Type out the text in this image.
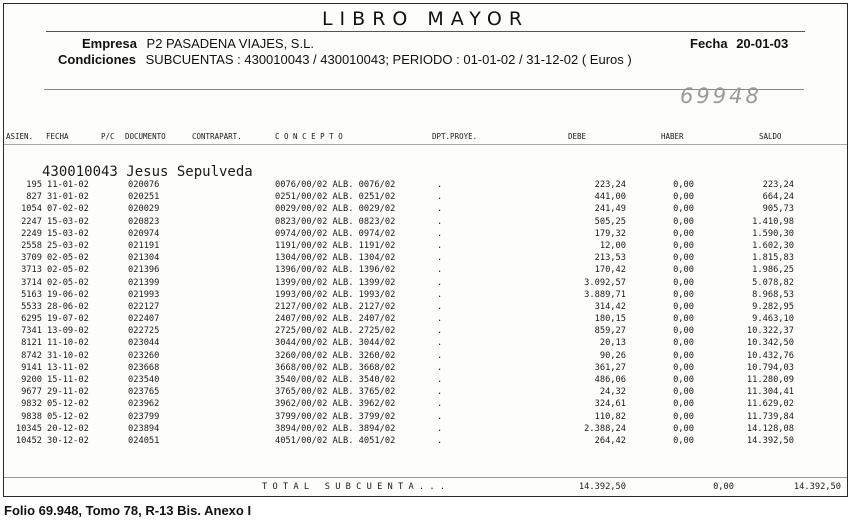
LIBRO MAYOR
Empresa P2 PASADENA VIAJES, S.L.	Fecha 20-01-03
Condiciones SUBCUENTAS : 430010043 / 430010043; PERIODO : 01-01-02 / 31-12-02 ( Euros )
69948
ASIEN. FECHA	P/C DOCUMENTO	CONTRAPART.	C O N C E P T O	DPT.PROYE.	DEBE	HABER	SALDO
430010043 Jesus Sepulveda
195 11-01-02	020076	0076/00/02 ALB. 0076/02	.	223,24	0,00	223,24
827 31-01-02	020251	0251/00/02 ALB. 0251/02	.	441,00	0,00	664,24
1054 07-02-02	020029	0029/00/02 ALB. 0029/02	.	241,49	0,00	905,73
2247 15-03-02	020823	0823/00/02 ALB. 0823/02	.	505,25	0,00	1.410,98
2249 15-03-02	020974	0974/00/02 ALB. 0974/02	.	179,32	0,00	1.590,30
2558 25-03-02	021191	1191/00/02 ALB. 1191/02	.	12,00	0,00	1.602,30
3709 02-05-02	021304	1304/00/02 ALB. 1304/02	.	213,53	0,00	1.815,83
3713 02-05-02	021396	1396/00/02 ALB. 1396/02	.	170,42	0,00	1.986,25
3714 02-05-02	021399	1399/00/02 ALB. 1399/02	.	3.092,57	0,00	5.078,82
5163 19-06-02	021993	1993/00/02 ALB. 1993/02	.	3.889,71	0,00	8.968,53
5533 28-06-02	022127	2127/00/02 ALB. 2127/02	.	314,42	0,00	9.282,95
6295 19-07-02	022407	2407/00/02 ALB. 2407/02	.	180,15	0,00	9.463,10
7341 13-09-02	022725	2725/00/02 ALB. 2725/02	.	859,27	0,00	10.322,37
8121 11-10-02	023044	3044/00/02 ALB. 3044/02	.	20,13	0,00	10.342,50
8742 31-10-02	023260	3260/00/02 ALB. 3260/02	.	90,26	0,00	10.432,76
9141 13-11-02	023668	3668/00/02 ALB. 3668/02	.	361,27	0,00	10.794,03
9200 15-11-02	023540	3540/00/02 ALB. 3540/02	.	486,06	0,00	11.280,09
9677 29-11-02	023765	3765/00/02 ALB. 3765/02	.	24,32	0,00	11.304,41
9832 05-12-02	023962	3962/00/02 ALB. 3962/02	.	324,61	0,00	11.629,02
9838 05-12-02	023799	3799/00/02 ALB. 3799/02	.	110,82	0,00	11.739,84
10345 20-12-02	023894	3894/00/02 ALB. 3894/02	.	2.388,24	0,00	14.128,08
10452 30-12-02	024051	4051/00/02 ALB. 4051/02	.	264,42	0,00	14.392,50
T O T A L   S U B C U E N T A . . .	14.392,50	0,00	14.392,50
Folio 69.948, Tomo 78, R-13 Bis. Anexo I
